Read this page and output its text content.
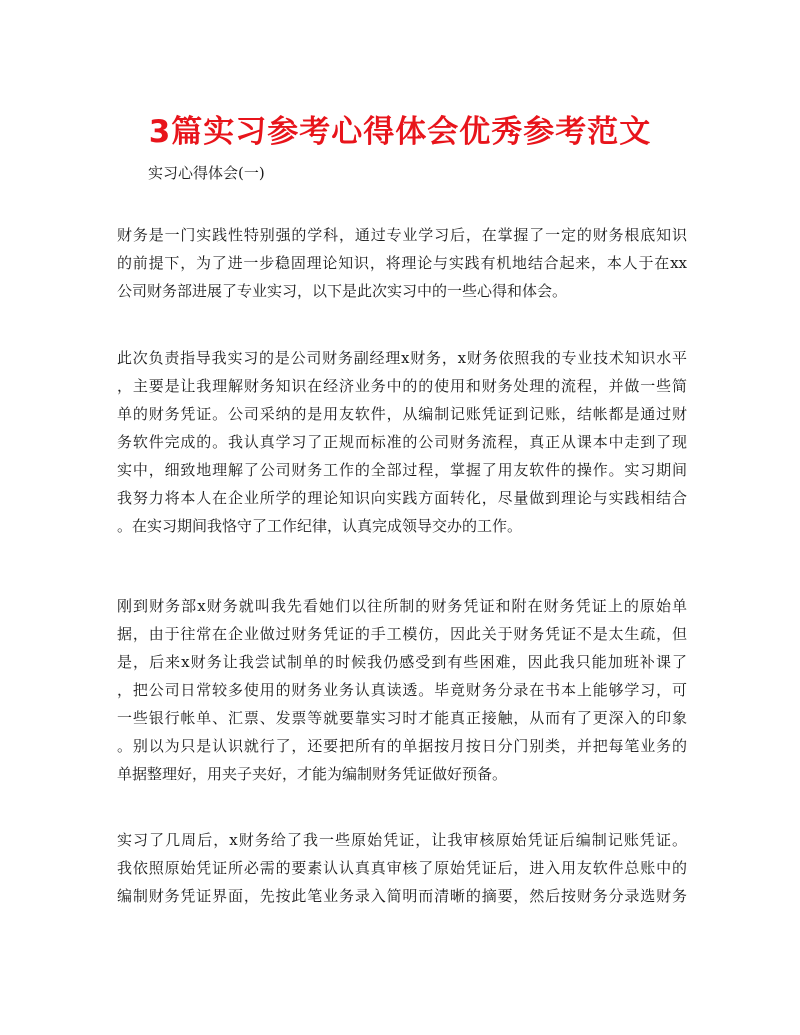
3篇实习参考心得体会优秀参考范文
实习心得体会(一)
财务是一门实践性特别强的学科，通过专业学习后，在掌握了一定的财务根底知识
的前提下，为了进一步稳固理论知识，将理论与实践有机地结合起来，本人于在xx
公司财务部进展了专业实习，以下是此次实习中的一些心得和体会。
此次负责指导我实习的是公司财务副经理x财务，x财务依照我的专业技术知识水平
，主要是让我理解财务知识在经济业务中的的使用和财务处理的流程，并做一些简
单的财务凭证。公司采纳的是用友软件，从编制记账凭证到记账，结帐都是通过财
务软件完成的。我认真学习了正规而标准的公司财务流程，真正从课本中走到了现
实中，细致地理解了公司财务工作的全部过程，掌握了用友软件的操作。实习期间
我努力将本人在企业所学的理论知识向实践方面转化，尽量做到理论与实践相结合
。在实习期间我恪守了工作纪律，认真完成领导交办的工作。
刚到财务部x财务就叫我先看她们以往所制的财务凭证和附在财务凭证上的原始单
据，由于往常在企业做过财务凭证的手工模仿，因此关于财务凭证不是太生疏，但
是，后来x财务让我尝试制单的时候我仍感受到有些困难，因此我只能加班补课了
，把公司日常较多使用的财务业务认真读透。毕竟财务分录在书本上能够学习，可
一些银行帐单、汇票、发票等就要靠实习时才能真正接触，从而有了更深入的印象
。别以为只是认识就行了，还要把所有的单据按月按日分门别类，并把每笔业务的
单据整理好，用夹子夹好，才能为编制财务凭证做好预备。
实习了几周后，x财务给了我一些原始凭证，让我审核原始凭证后编制记账凭证。
我依照原始凭证所必需的要素认认真真审核了原始凭证后，进入用友软件总账中的
编制财务凭证界面，先按此笔业务录入简明而清晰的摘要，然后按财务分录选财务
